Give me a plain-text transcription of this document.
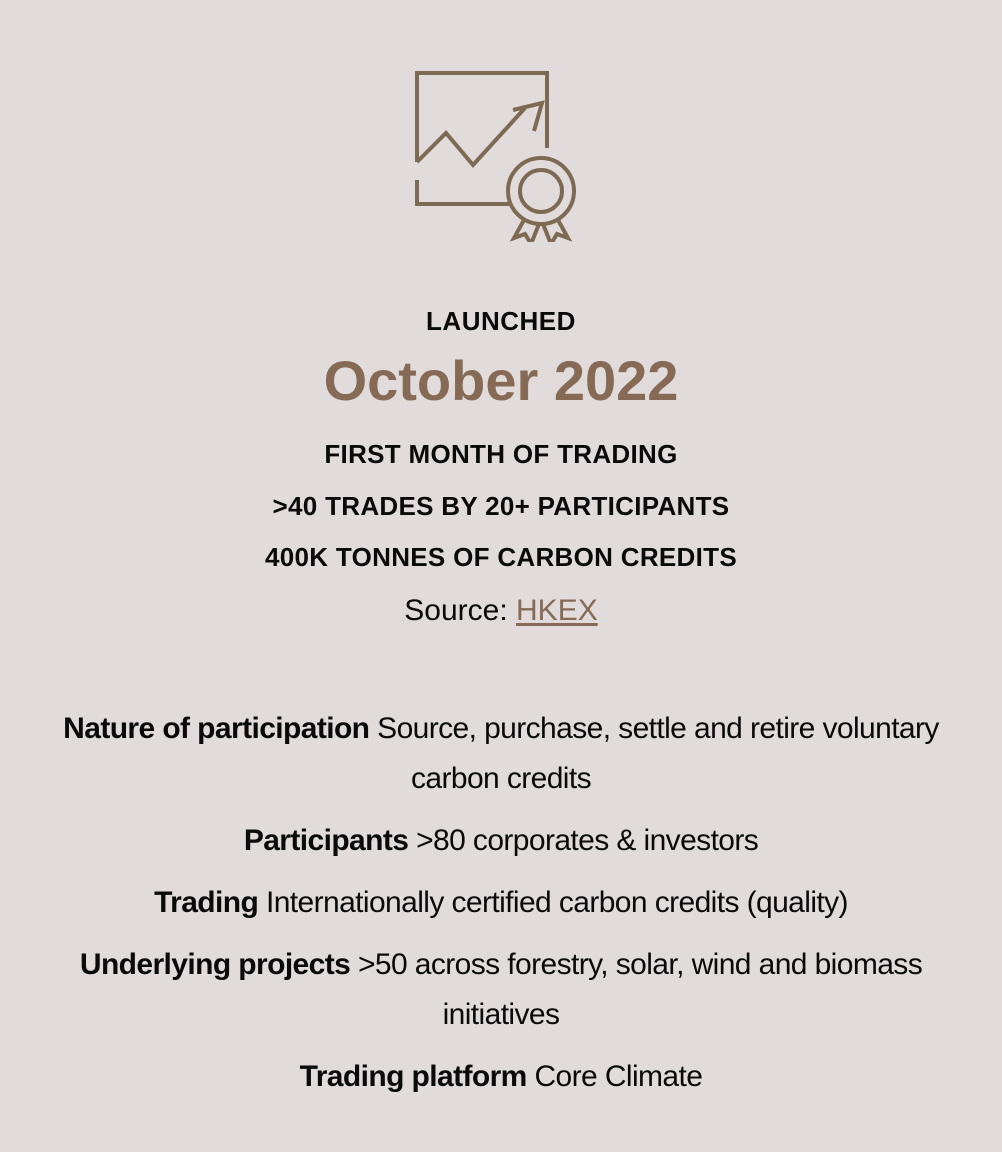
LAUNCHED
October 2022
FIRST MONTH OF TRADING
>40 TRADES BY 20+ PARTICIPANTS
400K TONNES OF CARBON CREDITS
Source: HKEX

Nature of participation Source, purchase, settle and retire voluntary carbon credits

Participants >80 corporates & investors

Trading Internationally certified carbon credits (quality)

Underlying projects >50 across forestry, solar, wind and biomass initiatives

Trading platform Core Climate
